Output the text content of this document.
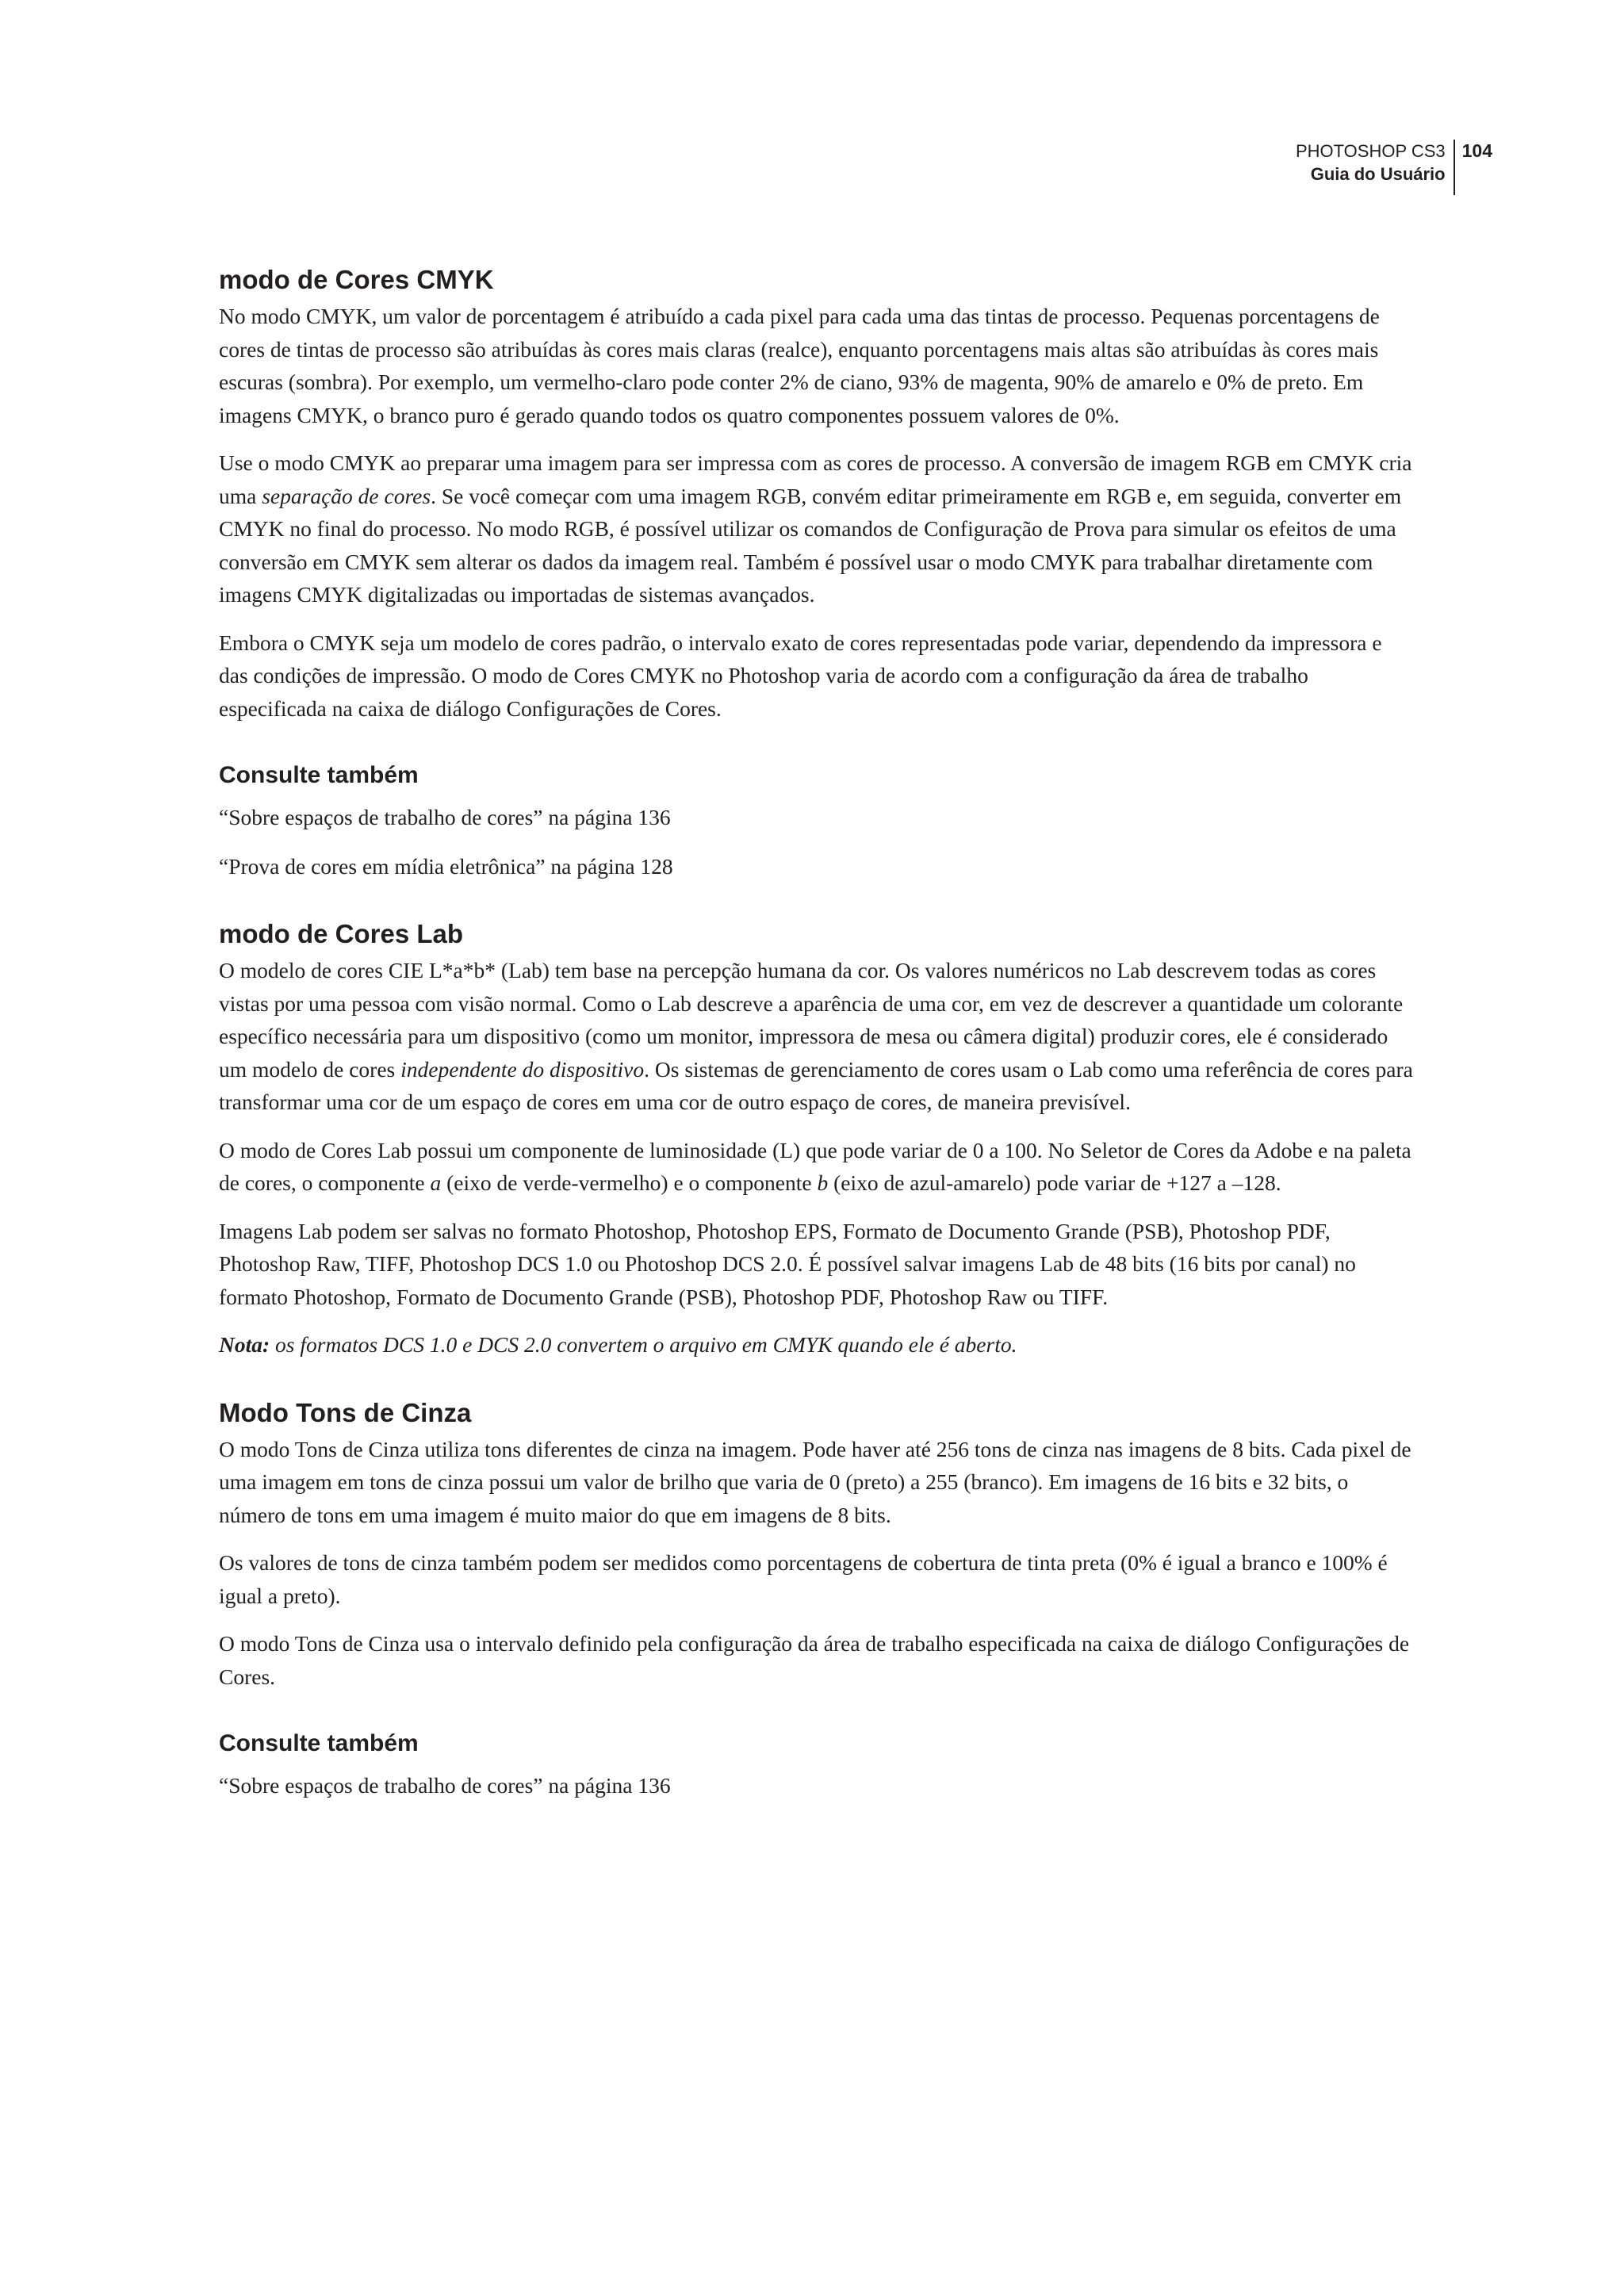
PHOTOSHOP CS3
Guia do Usuário
104
modo de Cores CMYK

No modo CMYK, um valor de porcentagem é atribuído a cada pixel para cada uma das tintas de processo. Pequenas porcentagens de cores de tintas de processo são atribuídas às cores mais claras (realce), enquanto porcentagens mais altas são atribuídas às cores mais escuras (sombra). Por exemplo, um vermelho-claro pode conter 2% de ciano, 93% de magenta, 90% de amarelo e 0% de preto. Em imagens CMYK, o branco puro é gerado quando todos os quatro componentes possuem valores de 0%.

Use o modo CMYK ao preparar uma imagem para ser impressa com as cores de processo. A conversão de imagem RGB em CMYK cria uma separação de cores. Se você começar com uma imagem RGB, convém editar primeiramente em RGB e, em seguida, converter em CMYK no final do processo. No modo RGB, é possível utilizar os comandos de Configuração de Prova para simular os efeitos de uma conversão em CMYK sem alterar os dados da imagem real. Também é possível usar o modo CMYK para trabalhar diretamente com imagens CMYK digitalizadas ou importadas de sistemas avançados.

Embora o CMYK seja um modelo de cores padrão, o intervalo exato de cores representadas pode variar, dependendo da impressora e das condições de impressão. O modo de Cores CMYK no Photoshop varia de acordo com a configuração da área de trabalho especificada na caixa de diálogo Configurações de Cores.

Consulte também

“Sobre espaços de trabalho de cores” na página 136

“Prova de cores em mídia eletrônica” na página 128

modo de Cores Lab

O modelo de cores CIE L*a*b* (Lab) tem base na percepção humana da cor. Os valores numéricos no Lab descrevem todas as cores vistas por uma pessoa com visão normal. Como o Lab descreve a aparência de uma cor, em vez de descrever a quantidade um colorante específico necessária para um dispositivo (como um monitor, impressora de mesa ou câmera digital) produzir cores, ele é considerado um modelo de cores independente do dispositivo. Os sistemas de gerenciamento de cores usam o Lab como uma referência de cores para transformar uma cor de um espaço de cores em uma cor de outro espaço de cores, de maneira previsível.

O modo de Cores Lab possui um componente de luminosidade (L) que pode variar de 0 a 100. No Seletor de Cores da Adobe e na paleta de cores, o componente a (eixo de verde-vermelho) e o componente b (eixo de azul-amarelo) pode variar de +127 a –128.

Imagens Lab podem ser salvas no formato Photoshop, Photoshop EPS, Formato de Documento Grande (PSB), Photoshop PDF, Photoshop Raw, TIFF, Photoshop DCS 1.0 ou Photoshop DCS 2.0. É possível salvar imagens Lab de 48 bits (16 bits por canal) no formato Photoshop, Formato de Documento Grande (PSB), Photoshop PDF, Photoshop Raw ou TIFF.

Nota: os formatos DCS 1.0 e DCS 2.0 convertem o arquivo em CMYK quando ele é aberto.

Modo Tons de Cinza

O modo Tons de Cinza utiliza tons diferentes de cinza na imagem. Pode haver até 256 tons de cinza nas imagens de 8 bits. Cada pixel de uma imagem em tons de cinza possui um valor de brilho que varia de 0 (preto) a 255 (branco). Em imagens de 16 bits e 32 bits, o número de tons em uma imagem é muito maior do que em imagens de 8 bits.

Os valores de tons de cinza também podem ser medidos como porcentagens de cobertura de tinta preta (0% é igual a branco e 100% é igual a preto).

O modo Tons de Cinza usa o intervalo definido pela configuração da área de trabalho especificada na caixa de diálogo Configurações de Cores.

Consulte também

“Sobre espaços de trabalho de cores” na página 136
